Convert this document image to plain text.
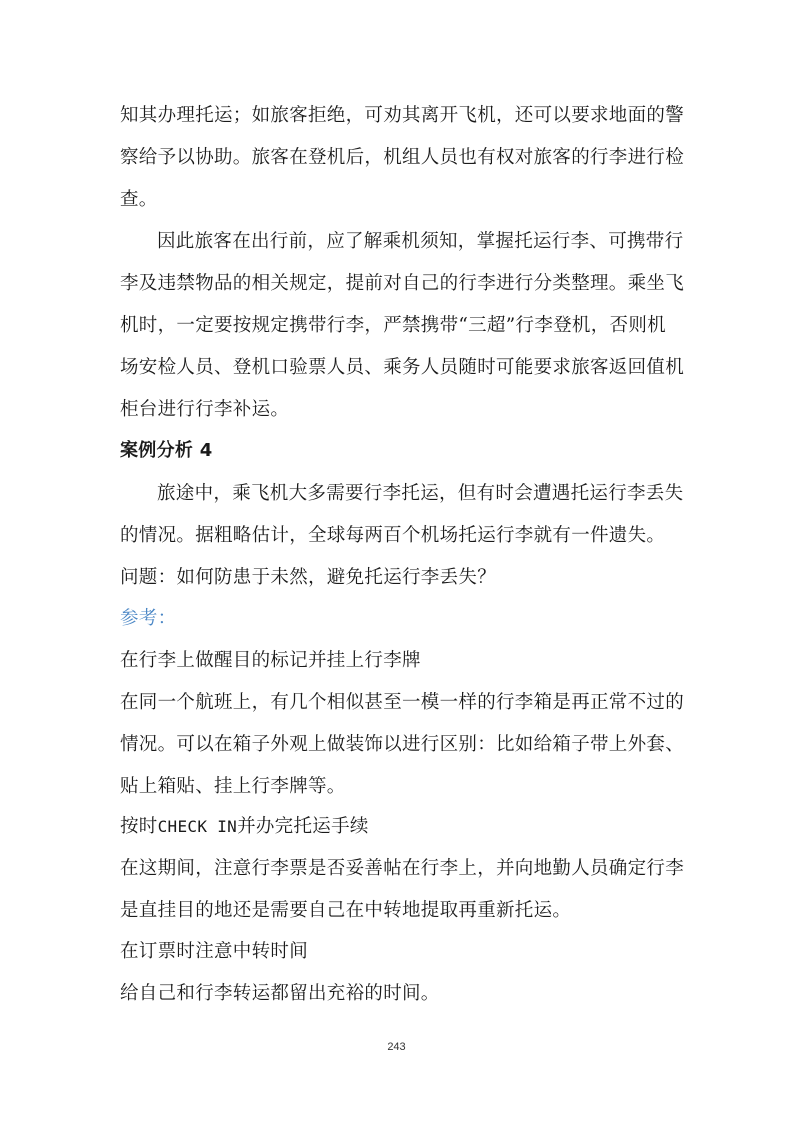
知其办理托运；如旅客拒绝，可劝其离开飞机，还可以要求地面的警
察给予以协助。旅客在登机后，机组人员也有权对旅客的行李进行检
查。
因此旅客在出行前，应了解乘机须知，掌握托运行李、可携带行
李及违禁物品的相关规定，提前对自己的行李进行分类整理。乘坐飞
机时，一定要按规定携带行李，严禁携带“三超”行李登机，否则机
场安检人员、登机口验票人员、乘务人员随时可能要求旅客返回值机
柜台进行行李补运。
案例分析 4
旅途中，乘飞机大多需要行李托运，但有时会遭遇托运行李丢失
的情况。据粗略估计，全球每两百个机场托运行李就有一件遗失。
问题：如何防患于未然，避免托运行李丢失？
参考：
在行李上做醒目的标记并挂上行李牌
在同一个航班上，有几个相似甚至一模一样的行李箱是再正常不过的
情况。可以在箱子外观上做装饰以进行区别：比如给箱子带上外套、
贴上箱贴、挂上行李牌等。
按时CHECK IN并办完托运手续
在这期间，注意行李票是否妥善帖在行李上，并向地勤人员确定行李
是直挂目的地还是需要自己在中转地提取再重新托运。
在订票时注意中转时间
给自己和行李转运都留出充裕的时间。
243
